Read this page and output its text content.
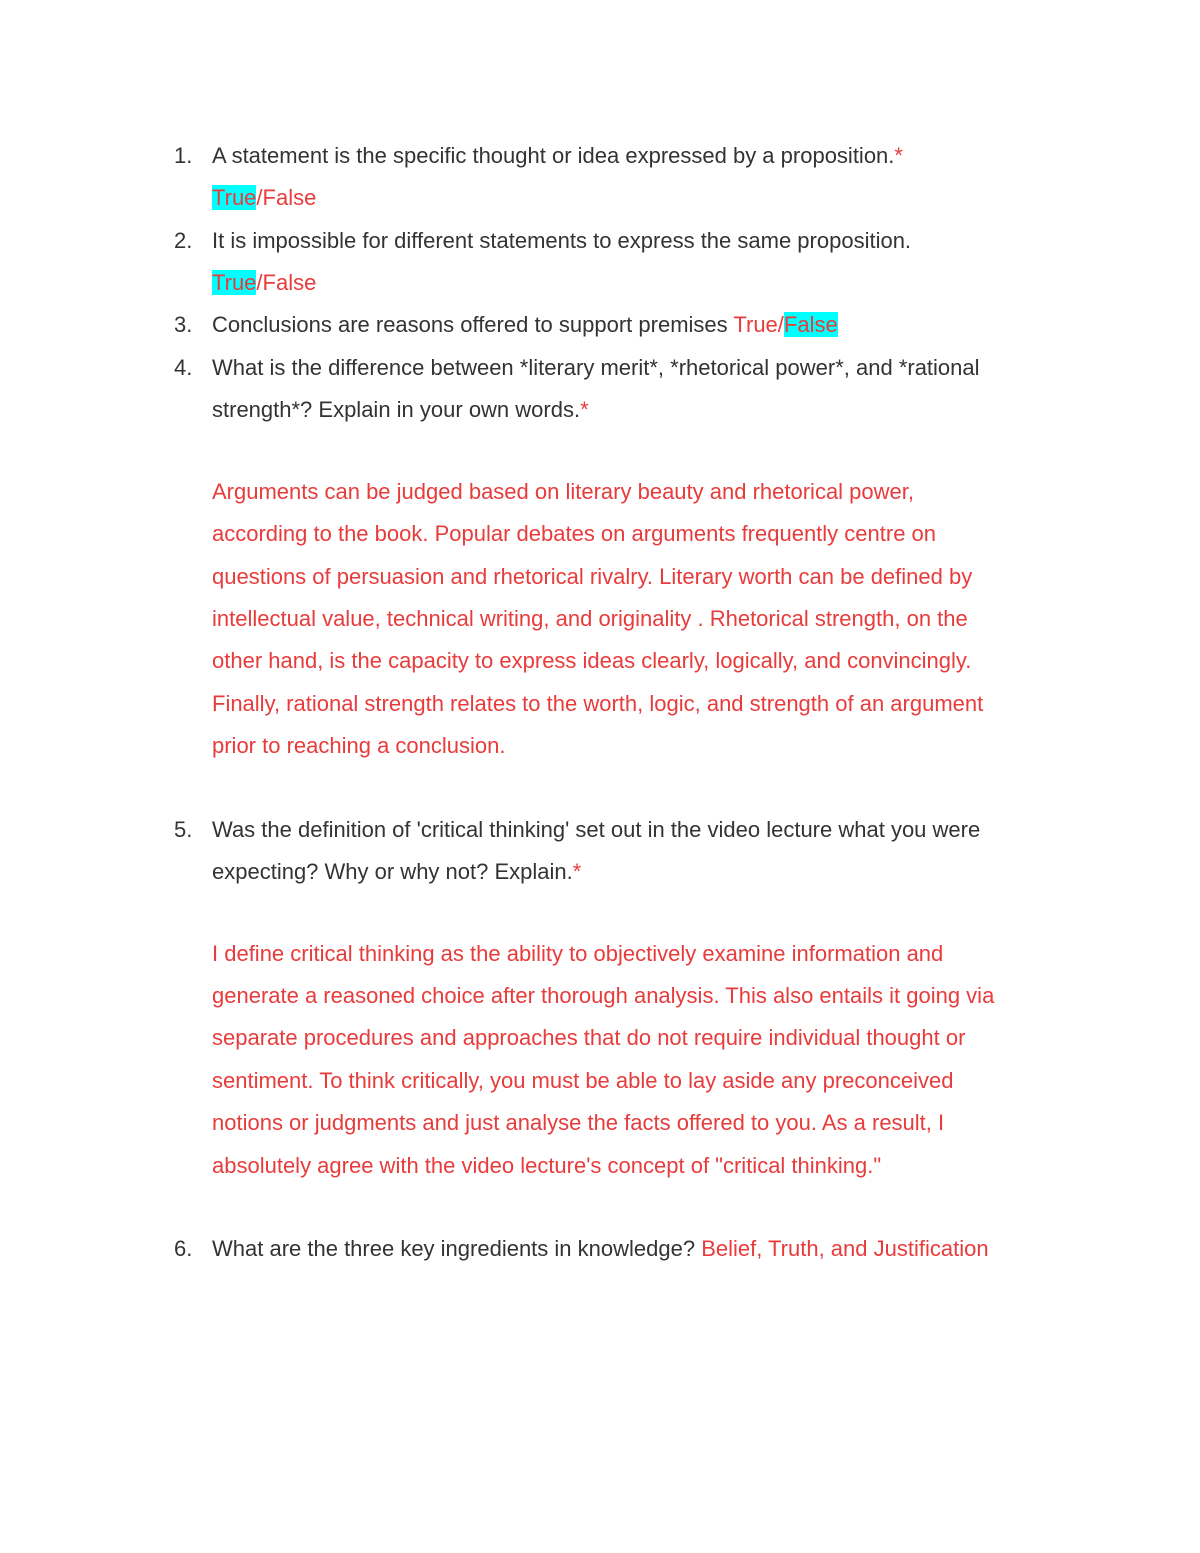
1. A statement is the specific thought or idea expressed by a proposition.*
True/False
2. It is impossible for different statements to express the same proposition.
True/False
3. Conclusions are reasons offered to support premises True/False
4. What is the difference between *literary merit*, *rhetorical power*, and *rational
strength*? Explain in your own words.*
Arguments can be judged based on literary beauty and rhetorical power,
according to the book. Popular debates on arguments frequently centre on
questions of persuasion and rhetorical rivalry. Literary worth can be defined by
intellectual value, technical writing, and originality . Rhetorical strength, on the
other hand, is the capacity to express ideas clearly, logically, and convincingly.
Finally, rational strength relates to the worth, logic, and strength of an argument
prior to reaching a conclusion.
5. Was the definition of 'critical thinking' set out in the video lecture what you were
expecting? Why or why not? Explain.*
I define critical thinking as the ability to objectively examine information and
generate a reasoned choice after thorough analysis. This also entails it going via
separate procedures and approaches that do not require individual thought or
sentiment. To think critically, you must be able to lay aside any preconceived
notions or judgments and just analyse the facts offered to you. As a result, I
absolutely agree with the video lecture's concept of "critical thinking."
6. What are the three key ingredients in knowledge? Belief, Truth, and Justification
